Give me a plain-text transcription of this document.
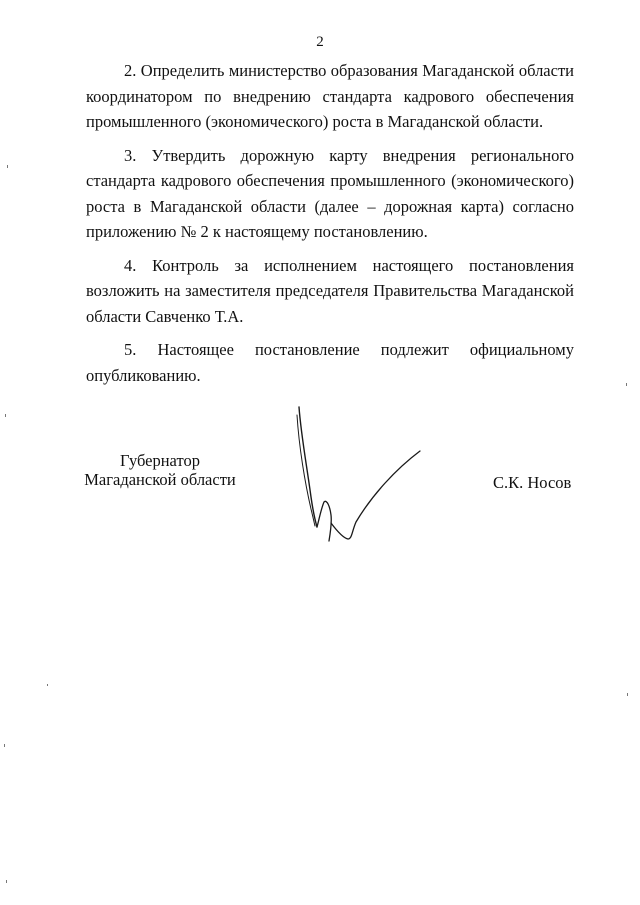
2

2. Определить министерство образования Магаданской области координатором по внедрению стандарта кадрового обеспечения промышленного (экономического) роста в Магаданской области.

3. Утвердить дорожную карту внедрения регионального стандарта кадрового обеспечения промышленного (экономического) роста в Магаданской области (далее – дорожная карта) согласно приложению № 2 к настоящему постановлению.

4. Контроль за исполнением настоящего постановления возложить на заместителя председателя Правительства Магаданской области Савченко Т.А.

5. Настоящее постановление подлежит официальному опубликованию.

Губернатор
Магаданской области	С.К. Носов
